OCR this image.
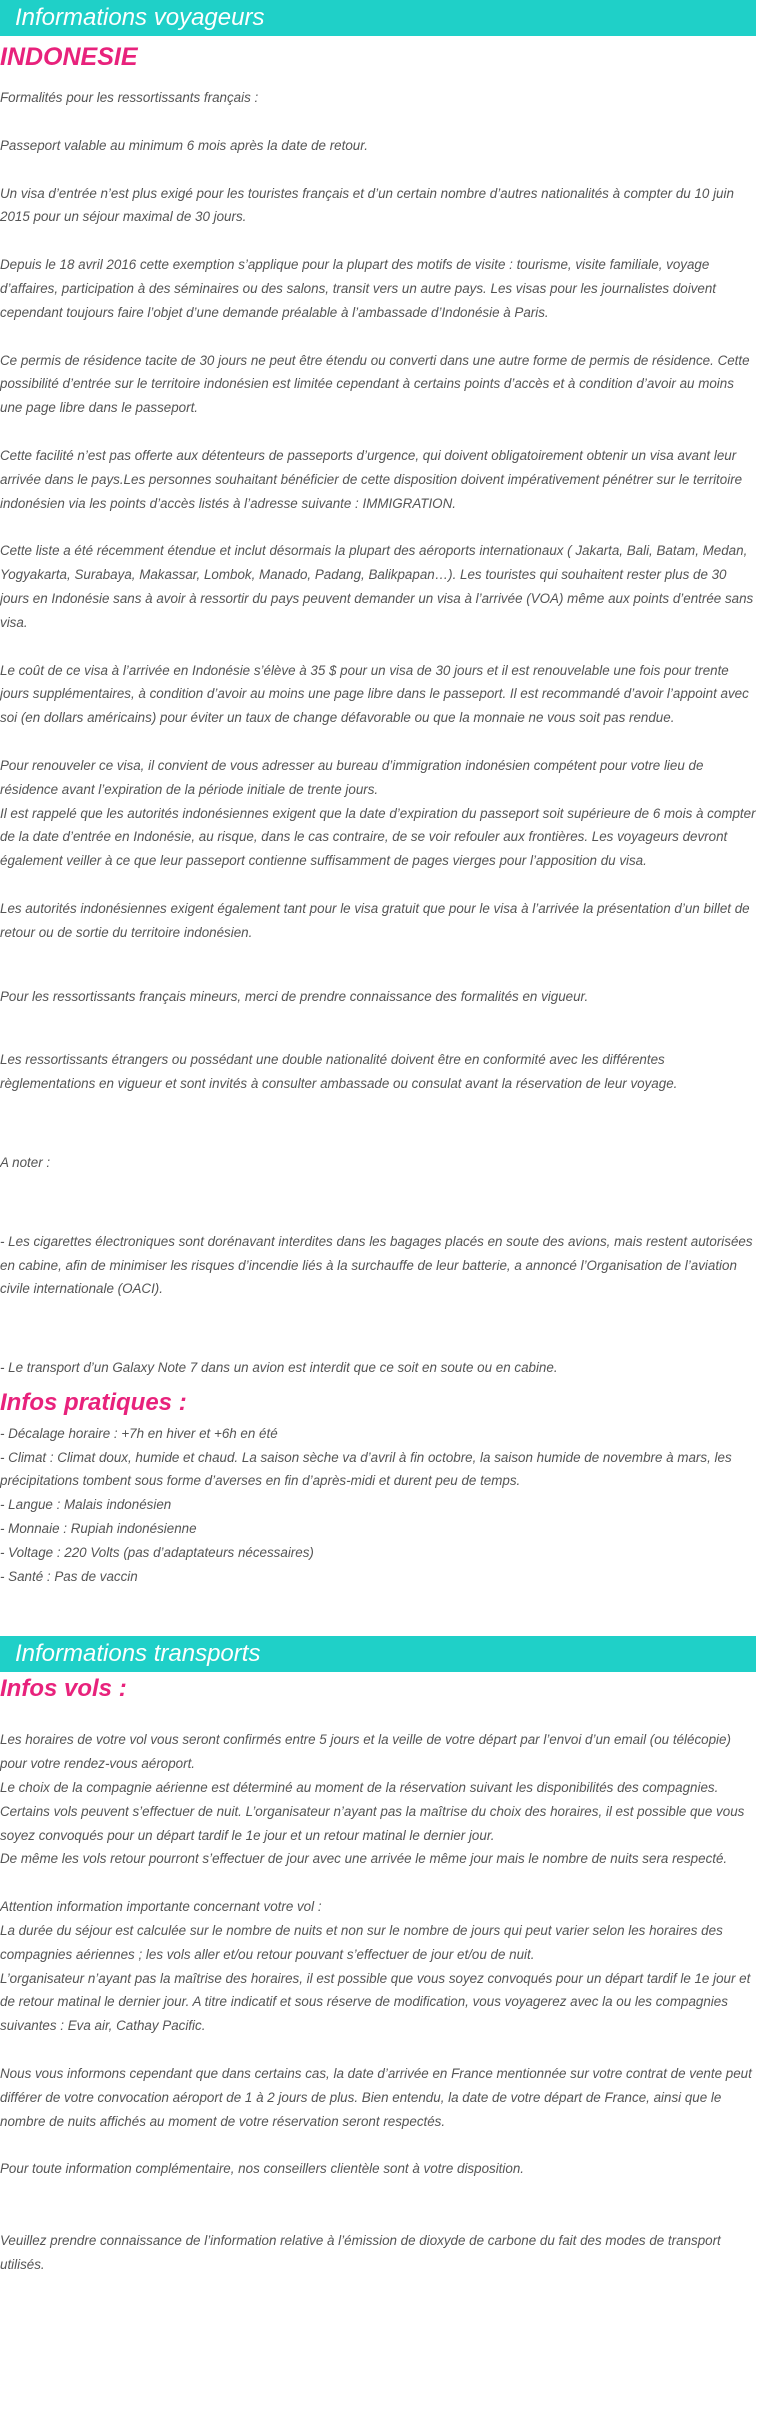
Informations voyageurs
INDONESIE

Formalités pour les ressortissants français :

Passeport valable au minimum 6 mois après la date de retour.

Un visa d’entrée n’est plus exigé pour les touristes français et d’un certain nombre d’autres nationalités à compter du 10 juin 2015 pour un séjour maximal de 30 jours.

Depuis le 18 avril 2016 cette exemption s’applique pour la plupart des motifs de visite : tourisme, visite familiale, voyage d’affaires, participation à des séminaires ou des salons, transit vers un autre pays. Les visas pour les journalistes doivent cependant toujours faire l’objet d’une demande préalable à l’ambassade d’Indonésie à Paris.

Ce permis de résidence tacite de 30 jours ne peut être étendu ou converti dans une autre forme de permis de résidence. Cette possibilité d’entrée sur le territoire indonésien est limitée cependant à certains points d’accès et à condition d’avoir au moins une page libre dans le passeport.

Cette facilité n’est pas offerte aux détenteurs de passeports d’urgence, qui doivent obligatoirement obtenir un visa avant leur arrivée dans le pays.Les personnes souhaitant bénéficier de cette disposition doivent impérativement pénétrer sur le territoire indonésien via les points d’accès listés à l’adresse suivante : IMMIGRATION.

Cette liste a été récemment étendue et inclut désormais la plupart des aéroports internationaux ( Jakarta, Bali, Batam, Medan, Yogyakarta, Surabaya, Makassar, Lombok, Manado, Padang, Balikpapan…). Les touristes qui souhaitent rester plus de 30 jours en Indonésie sans à avoir à ressortir du pays peuvent demander un visa à l’arrivée (VOA) même aux points d’entrée sans visa.

Le coût de ce visa à l’arrivée en Indonésie s’élève à 35 $ pour un visa de 30 jours et il est renouvelable une fois pour trente jours supplémentaires, à condition d’avoir au moins une page libre dans le passeport. Il est recommandé d’avoir l’appoint avec soi (en dollars américains) pour éviter un taux de change défavorable ou que la monnaie ne vous soit pas rendue.

Pour renouveler ce visa, il convient de vous adresser au bureau d’immigration indonésien compétent pour votre lieu de résidence avant l’expiration de la période initiale de trente jours.

Il est rappelé que les autorités indonésiennes exigent que la date d’expiration du passeport soit supérieure de 6 mois à compter de la date d’entrée en Indonésie, au risque, dans le cas contraire, de se voir refouler aux frontières. Les voyageurs devront également veiller à ce que leur passeport contienne suffisamment de pages vierges pour l’apposition du visa.

Les autorités indonésiennes exigent également tant pour le visa gratuit que pour le visa à l’arrivée la présentation d’un billet de retour ou de sortie du territoire indonésien.

Pour les ressortissants français mineurs, merci de prendre connaissance des formalités en vigueur.

Les ressortissants étrangers ou possédant une double nationalité doivent être en conformité avec les différentes règlementations en vigueur et sont invités à consulter ambassade ou consulat avant la réservation de leur voyage.

A noter :

- Les cigarettes électroniques sont dorénavant interdites dans les bagages placés en soute des avions, mais restent autorisées en cabine, afin de minimiser les risques d’incendie liés à la surchauffe de leur batterie, a annoncé l’Organisation de l’aviation civile internationale (OACI).

- Le transport d’un Galaxy Note 7 dans un avion est interdit que ce soit en soute ou en cabine.

Infos pratiques :
- Décalage horaire : +7h en hiver et +6h en été
- Climat : Climat doux, humide et chaud. La saison sèche va d’avril à fin octobre, la saison humide de novembre à mars, les précipitations tombent sous forme d’averses en fin d’après-midi et durent peu de temps.
- Langue : Malais indonésien
- Monnaie : Rupiah indonésienne
- Voltage : 220 Volts (pas d’adaptateurs nécessaires)
- Santé : Pas de vaccin
Informations transports
Infos vols :

Les horaires de votre vol vous seront confirmés entre 5 jours et la veille de votre départ par l’envoi d’un email (ou télécopie) pour votre rendez-vous aéroport.

Le choix de la compagnie aérienne est déterminé au moment de la réservation suivant les disponibilités des compagnies. Certains vols peuvent s’effectuer de nuit. L’organisateur n’ayant pas la maîtrise du choix des horaires, il est possible que vous soyez convoqués pour un départ tardif le 1e jour et un retour matinal le dernier jour.

De même les vols retour pourront s’effectuer de jour avec une arrivée le même jour mais le nombre de nuits sera respecté.

Attention information importante concernant votre vol :

La durée du séjour est calculée sur le nombre de nuits et non sur le nombre de jours qui peut varier selon les horaires des compagnies aériennes ; les vols aller et/ou retour pouvant s’effectuer de jour et/ou de nuit.

L’organisateur n’ayant pas la maîtrise des horaires, il est possible que vous soyez convoqués pour un départ tardif le 1e jour et de retour matinal le dernier jour. A titre indicatif et sous réserve de modification, vous voyagerez avec la ou les compagnies suivantes : Eva air, Cathay Pacific.

Nous vous informons cependant que dans certains cas, la date d’arrivée en France mentionnée sur votre contrat de vente peut différer de votre convocation aéroport de 1 à 2 jours de plus. Bien entendu, la date de votre départ de France, ainsi que le nombre de nuits affichés au moment de votre réservation seront respectés.

Pour toute information complémentaire, nos conseillers clientèle sont à votre disposition.

Veuillez prendre connaissance de l’information relative à l’émission de dioxyde de carbone du fait des modes de transport utilisés.
